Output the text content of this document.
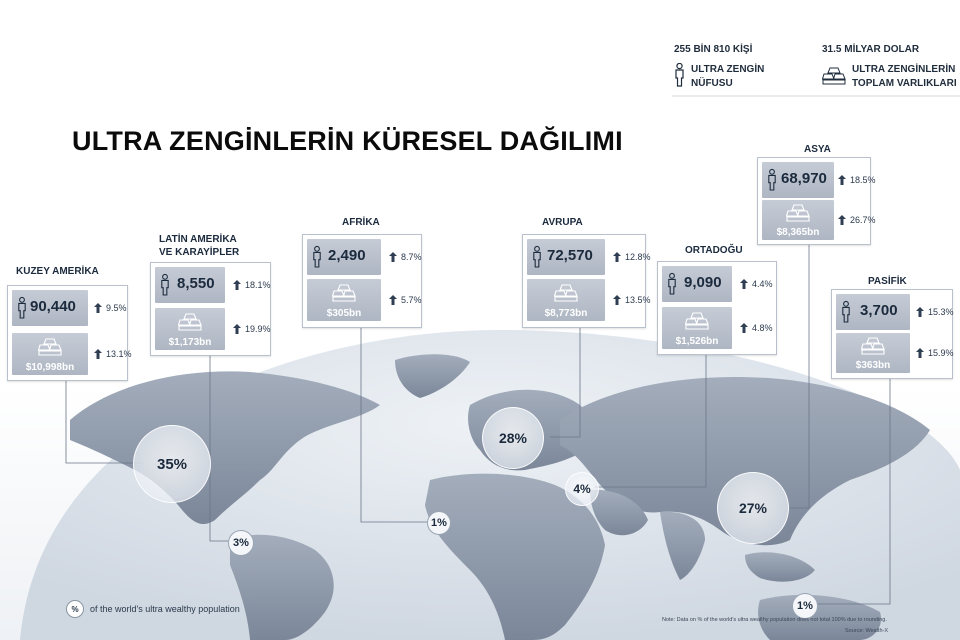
ULTRA ZENGİNLERİN KÜRESEL DAĞILIMI
255 BİN 810 KİŞİ
ULTRA ZENGİN
NÜFUSU
31.5 MİLYAR DOLAR
ULTRA ZENGİNLERİN
TOPLAM VARLIKLARI
KUZEY AMERİKA
LATİN AMERİKA
VE KARAYİPLER
AFRİKA	AVRUPA
ORTADOĞU
ASYA
PASİFİK
90,440	9.5%
$10,998bn
13.1%
8,550	18.1%
$1,173bn
19.9%
2,490	8.7%
$305bn
5.7%
72,570	12.8%
$8,773bn
13.5%
9,090	4.4%
$1,526bn
4.8%
68,970	18.5%
$8,365bn
26.7%
3,700	15.3%
$363bn
15.9%
35%
3%
1%
28%
4%
27%
1%
%	of the world's ultra wealthy population
Note: Data on % of the world's ultra wealthy population does not total 100% due to rounding.
Source: Wealth-X
